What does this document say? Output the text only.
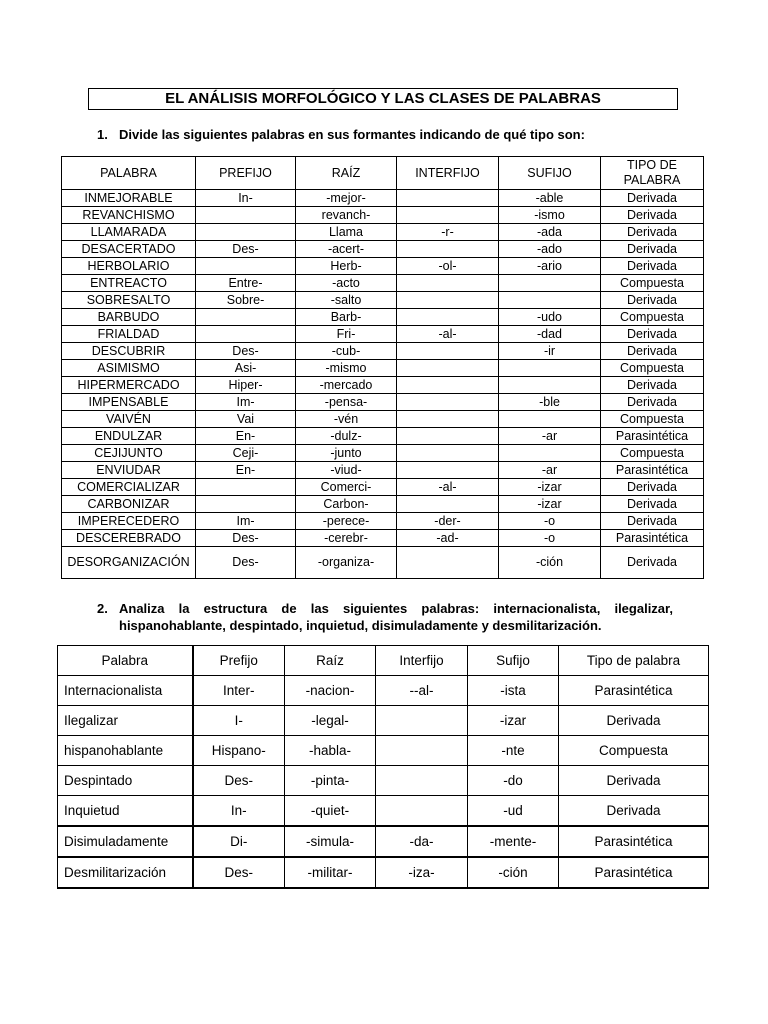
EL ANÁLISIS MORFOLÓGICO Y LAS CLASES DE PALABRAS
1. Divide las siguientes palabras en sus formantes indicando de qué tipo son:
PALABRA	PREFIJO	RAÍZ	INTERFIJO	SUFIJO	TIPO DE PALABRA
INMEJORABLE	In-	-mejor-		-able	Derivada
REVANCHISMO		revanch-		-ismo	Derivada
LLAMARADA		Llama	-r-	-ada	Derivada
DESACERTADO	Des-	-acert-		-ado	Derivada
HERBOLARIO		Herb-	-ol-	-ario	Derivada
ENTREACTO	Entre-	-acto			Compuesta
SOBRESALTO	Sobre-	-salto			Derivada
BARBUDO		Barb-		-udo	Compuesta
FRIALDAD		Fri-	-al-	-dad	Derivada
DESCUBRIR	Des-	-cub-		-ir	Derivada
ASIMISMO	Asi-	-mismo			Compuesta
HIPERMERCADO	Hiper-	-mercado			Derivada
IMPENSABLE	Im-	-pensa-		-ble	Derivada
VAIVÉN	Vai	-vén			Compuesta
ENDULZAR	En-	-dulz-		-ar	Parasintética
CEJIJUNTO	Ceji-	-junto			Compuesta
ENVIUDAR	En-	-viud-		-ar	Parasintética
COMERCIALIZAR		Comerci-	-al-	-izar	Derivada
CARBONIZAR		Carbon-		-izar	Derivada
IMPERECEDERO	Im-	-perece-	-der-	-o	Derivada
DESCEREBRADO	Des-	-cerebr-	-ad-	-o	Parasintética
DESORGANIZACIÓN	Des-	-organiza-		-ción	Derivada
2. Analiza la estructura de las siguientes palabras: internacionalista, ilegalizar,
hispanohablante, despintado, inquietud, disimuladamente y desmilitarización.
Palabra	Prefijo	Raíz	Interfijo	Sufijo	Tipo de palabra
Internacionalista	Inter-	-nacion-	--al-	-ista	Parasintética
Ilegalizar	I-	-legal-		-izar	Derivada
hispanohablante	Hispano-	-habla-		-nte	Compuesta
Despintado	Des-	-pinta-		-do	Derivada
Inquietud	In-	-quiet-		-ud	Derivada
Disimuladamente	Di-	-simula-	-da-	-mente-	Parasintética
Desmilitarización	Des-	-militar-	-iza-	-ción	Parasintética
